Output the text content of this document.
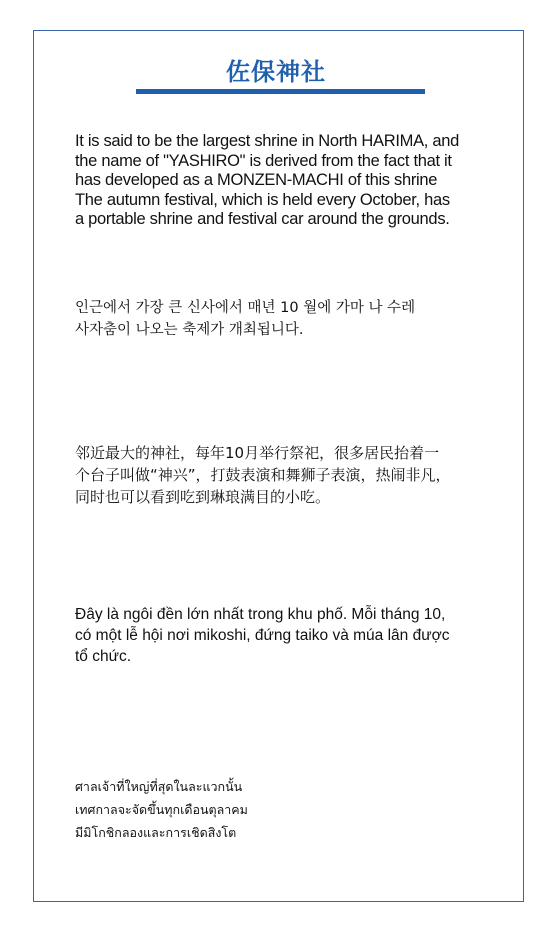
佐保神社

It is said to be the largest shrine in North HARIMA, and
the name of "YASHIRO" is derived from the fact that it
has developed as a MONZEN-MACHI of this shrine
The autumn festival, which is held every October, has
a portable shrine and festival car around the grounds.

인근에서 가장 큰 신사에서 매년 10 월에 가마 나 수레
사자춤이 나오는 축제가 개최됩니다.

邻近最大的神社，每年10月举行祭祀，很多居民抬着一
个台子叫做“神兴”，打鼓表演和舞狮子表演，热闹非凡，
同时也可以看到吃到琳琅满目的小吃。

Đây là ngôi đền lớn nhất trong khu phố. Mỗi tháng 10,
có một lễ hội nơi mikoshi, đứng taiko và múa lân được
tổ chức.

ศาลเจ้าที่ใหญ่ที่สุดในละแวกนั้น
เทศกาลจะจัดขึ้นทุกเดือนตุลาคม
มีมิโกชิกลองและการเชิดสิงโต
